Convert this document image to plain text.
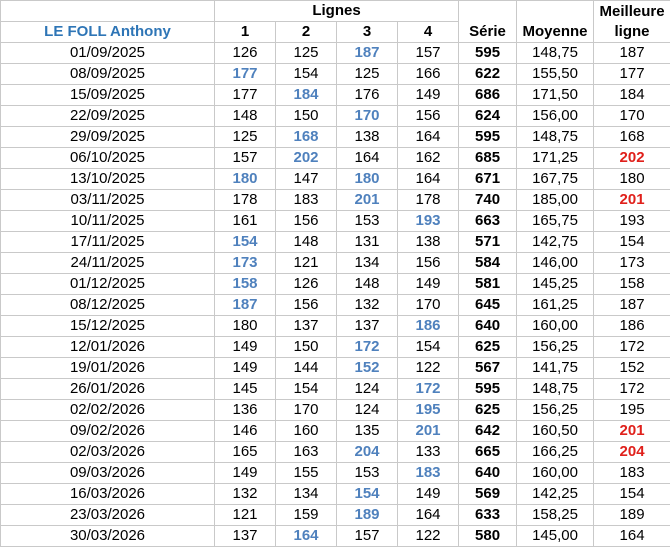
	Lignes				Série	Moyenne	Meilleure
ligne
LE FOLL Anthony	1	2	3	4			
01/09/2025	126	125	187	157	595	148,75	187
08/09/2025	177	154	125	166	622	155,50	177
15/09/2025	177	184	176	149	686	171,50	184
22/09/2025	148	150	170	156	624	156,00	170
29/09/2025	125	168	138	164	595	148,75	168
06/10/2025	157	202	164	162	685	171,25	202
13/10/2025	180	147	180	164	671	167,75	180
03/11/2025	178	183	201	178	740	185,00	201
10/11/2025	161	156	153	193	663	165,75	193
17/11/2025	154	148	131	138	571	142,75	154
24/11/2025	173	121	134	156	584	146,00	173
01/12/2025	158	126	148	149	581	145,25	158
08/12/2025	187	156	132	170	645	161,25	187
15/12/2025	180	137	137	186	640	160,00	186
12/01/2026	149	150	172	154	625	156,25	172
19/01/2026	149	144	152	122	567	141,75	152
26/01/2026	145	154	124	172	595	148,75	172
02/02/2026	136	170	124	195	625	156,25	195
09/02/2026	146	160	135	201	642	160,50	201
02/03/2026	165	163	204	133	665	166,25	204
09/03/2026	149	155	153	183	640	160,00	183
16/03/2026	132	134	154	149	569	142,25	154
23/03/2026	121	159	189	164	633	158,25	189
30/03/2026	137	164	157	122	580	145,00	164
